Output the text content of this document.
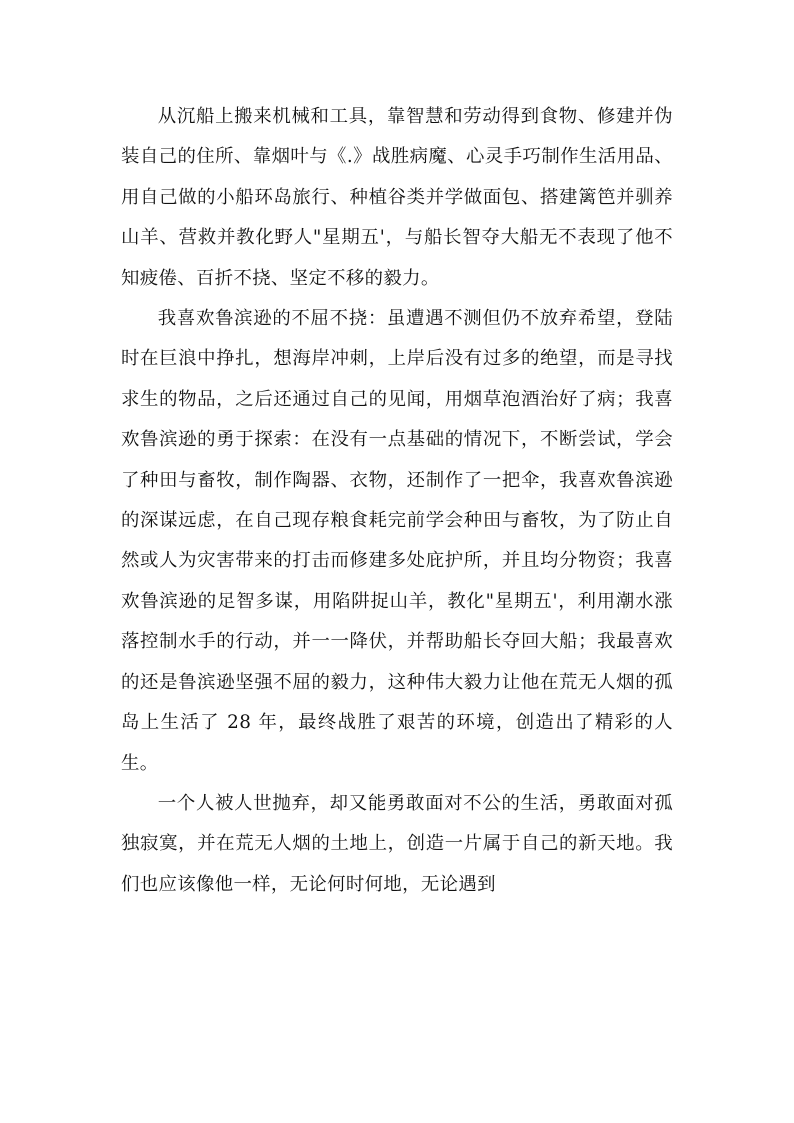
从沉船上搬来机械和工具，靠智慧和劳动得到食物、修建并伪装自己的住所、靠烟叶与《.》战胜病魔、心灵手巧制作生活用品、用自己做的小船环岛旅行、种植谷类并学做面包、搭建篱笆并驯养山羊、营救并教化野人"星期五'，与船长智夺大船无不表现了他不知疲倦、百折不挠、坚定不移的毅力。

我喜欢鲁滨逊的不屈不挠：虽遭遇不测但仍不放弃希望，登陆时在巨浪中挣扎，想海岸冲刺，上岸后没有过多的绝望，而是寻找求生的物品，之后还通过自己的见闻，用烟草泡酒治好了病；我喜欢鲁滨逊的勇于探索：在没有一点基础的情况下，不断尝试，学会了种田与畜牧，制作陶器、衣物，还制作了一把伞，我喜欢鲁滨逊的深谋远虑，在自己现存粮食耗完前学会种田与畜牧，为了防止自然或人为灾害带来的打击而修建多处庇护所，并且均分物资；我喜欢鲁滨逊的足智多谋，用陷阱捉山羊，教化"星期五'，利用潮水涨落控制水手的行动，并一一降伏，并帮助船长夺回大船；我最喜欢的还是鲁滨逊坚强不屈的毅力，这种伟大毅力让他在荒无人烟的孤岛上生活了 28 年，最终战胜了艰苦的环境，创造出了精彩的人生。

一个人被人世抛弃，却又能勇敢面对不公的生活，勇敢面对孤独寂寞，并在荒无人烟的土地上，创造一片属于自己的新天地。我们也应该像他一样，无论何时何地，无论遇到
